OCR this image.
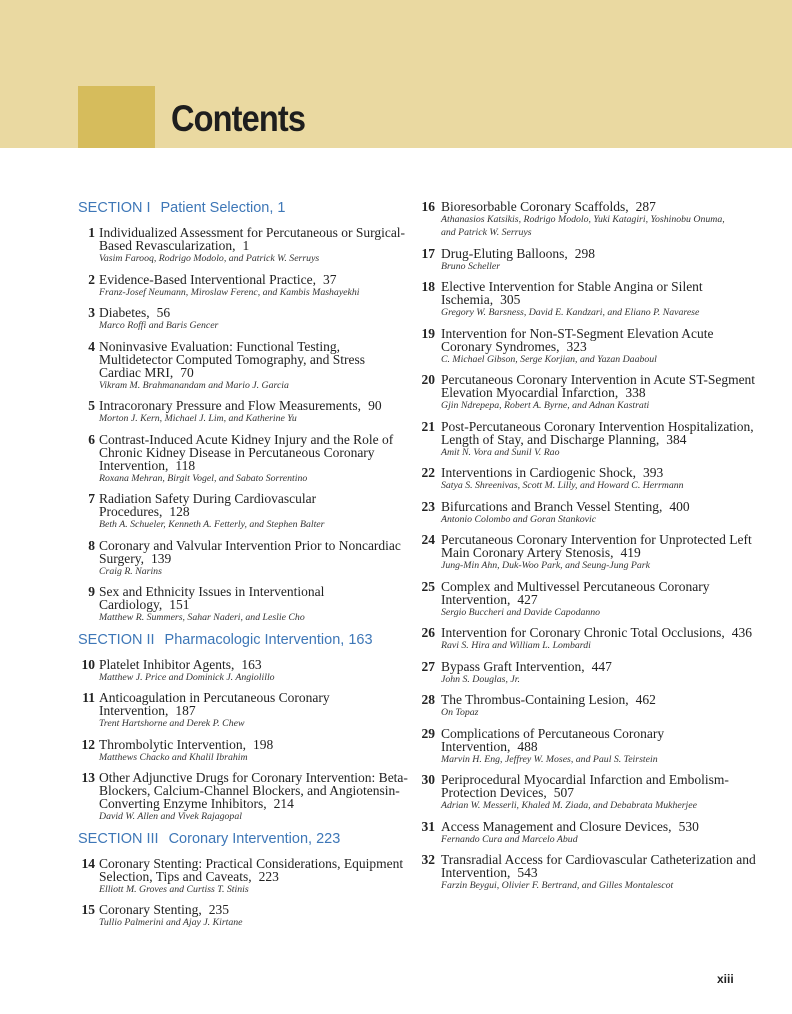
Contents
SECTION I Patient Selection, 1
1 Individualized Assessment for Percutaneous or Surgical-Based Revascularization, 1
Vasim Farooq, Rodrigo Modolo, and Patrick W. Serruys
2 Evidence-Based Interventional Practice, 37
Franz-Josef Neumann, Miroslaw Ferenc, and Kambis Mashayekhi
3 Diabetes, 56
Marco Roffi and Baris Gencer
4 Noninvasive Evaluation: Functional Testing, Multidetector Computed Tomography, and Stress Cardiac MRI, 70
Vikram M. Brahmanandam and Mario J. Garcia
5 Intracoronary Pressure and Flow Measurements, 90
Morton J. Kern, Michael J. Lim, and Katherine Yu
6 Contrast-Induced Acute Kidney Injury and the Role of Chronic Kidney Disease in Percutaneous Coronary Intervention, 118
Roxana Mehran, Birgit Vogel, and Sabato Sorrentino
7 Radiation Safety During Cardiovascular Procedures, 128
Beth A. Schueler, Kenneth A. Fetterly, and Stephen Balter
8 Coronary and Valvular Intervention Prior to Noncardiac Surgery, 139
Craig R. Narins
9 Sex and Ethnicity Issues in Interventional Cardiology, 151
Matthew R. Summers, Sahar Naderi, and Leslie Cho
SECTION II Pharmacologic Intervention, 163
10 Platelet Inhibitor Agents, 163
Matthew J. Price and Dominick J. Angiolillo
11 Anticoagulation in Percutaneous Coronary Intervention, 187
Trent Hartshorne and Derek P. Chew
12 Thrombolytic Intervention, 198
Matthews Chacko and Khalil Ibrahim
13 Other Adjunctive Drugs for Coronary Intervention: Beta-Blockers, Calcium-Channel Blockers, and Angiotensin-Converting Enzyme Inhibitors, 214
David W. Allen and Vivek Rajagopal
SECTION III Coronary Intervention, 223
14 Coronary Stenting: Practical Considerations, Equipment Selection, Tips and Caveats, 223
Elliott M. Groves and Curtiss T. Stinis
15 Coronary Stenting, 235
Tullio Palmerini and Ajay J. Kirtane
16 Bioresorbable Coronary Scaffolds, 287
Athanasios Katsikis, Rodrigo Modolo, Yuki Katagiri, Yoshinobu Onuma,
and Patrick W. Serruys
17 Drug-Eluting Balloons, 298
Bruno Scheller
18 Elective Intervention for Stable Angina or Silent Ischemia, 305
Gregory W. Barsness, David E. Kandzari, and Eliano P. Navarese
19 Intervention for Non-ST-Segment Elevation Acute Coronary Syndromes, 323
C. Michael Gibson, Serge Korjian, and Yazan Daaboul
20 Percutaneous Coronary Intervention in Acute ST-Segment Elevation Myocardial Infarction, 338
Gjin Ndrepepa, Robert A. Byrne, and Adnan Kastrati
21 Post-Percutaneous Coronary Intervention Hospitalization, Length of Stay, and Discharge Planning, 384
Amit N. Vora and Sunil V. Rao
22 Interventions in Cardiogenic Shock, 393
Satya S. Shreenivas, Scott M. Lilly, and Howard C. Herrmann
23 Bifurcations and Branch Vessel Stenting, 400
Antonio Colombo and Goran Stankovic
24 Percutaneous Coronary Intervention for Unprotected Left Main Coronary Artery Stenosis, 419
Jung-Min Ahn, Duk-Woo Park, and Seung-Jung Park
25 Complex and Multivessel Percutaneous Coronary Intervention, 427
Sergio Buccheri and Davide Capodanno
26 Intervention for Coronary Chronic Total Occlusions, 436
Ravi S. Hira and William L. Lombardi
27 Bypass Graft Intervention, 447
John S. Douglas, Jr.
28 The Thrombus-Containing Lesion, 462
On Topaz
29 Complications of Percutaneous Coronary Intervention, 488
Marvin H. Eng, Jeffrey W. Moses, and Paul S. Teirstein
30 Periprocedural Myocardial Infarction and Embolism-Protection Devices, 507
Adrian W. Messerli, Khaled M. Ziada, and Debabrata Mukherjee
31 Access Management and Closure Devices, 530
Fernando Cura and Marcelo Abud
32 Transradial Access for Cardiovascular Catheterization and Intervention, 543
Farzin Beygui, Olivier F. Bertrand, and Gilles Montalescot
xiii
